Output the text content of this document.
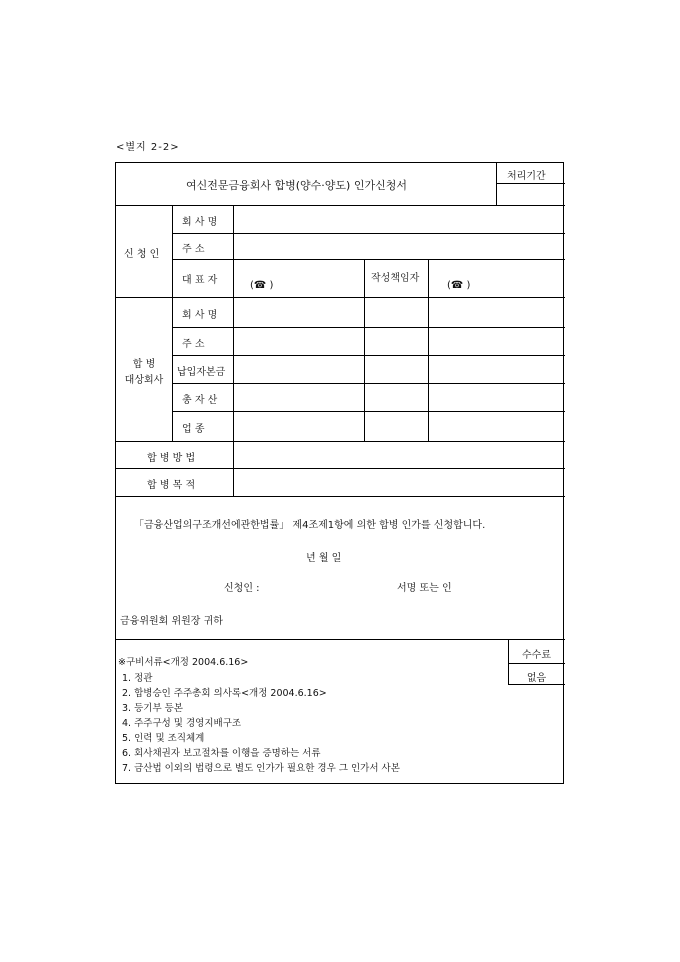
<별지 2-2>
여신전문금융회사 합병(양수·양도) 인가신청서
처리기간
신 청 인
회 사 명
주 소
대 표 자	(☎ )
작성책임자
(☎ )
합 병
대상회사
회 사 명
주 소
납입자본금
총 자 산
업 종
합 병 방 법
합 병 목 적
「금융산업의구조개선에관한법률」 제4조제1항에 의한 합병 인가를 신청합니다.
년 월 일
신청인 :	서명 또는 인
금융위원회 위원장 귀하
수수료
없음
※구비서류<개정 2004.6.16>
1. 정관
2. 합병승인 주주총회 의사록<개정 2004.6.16>
3. 등기부 등본
4. 주주구성 및 경영지배구조
5. 인력 및 조직체계
6. 회사채권자 보고절차를 이행을 증명하는 서류
7. 금산법 이외의 법령으로 별도 인가가 필요한 경우 그 인가서 사본
